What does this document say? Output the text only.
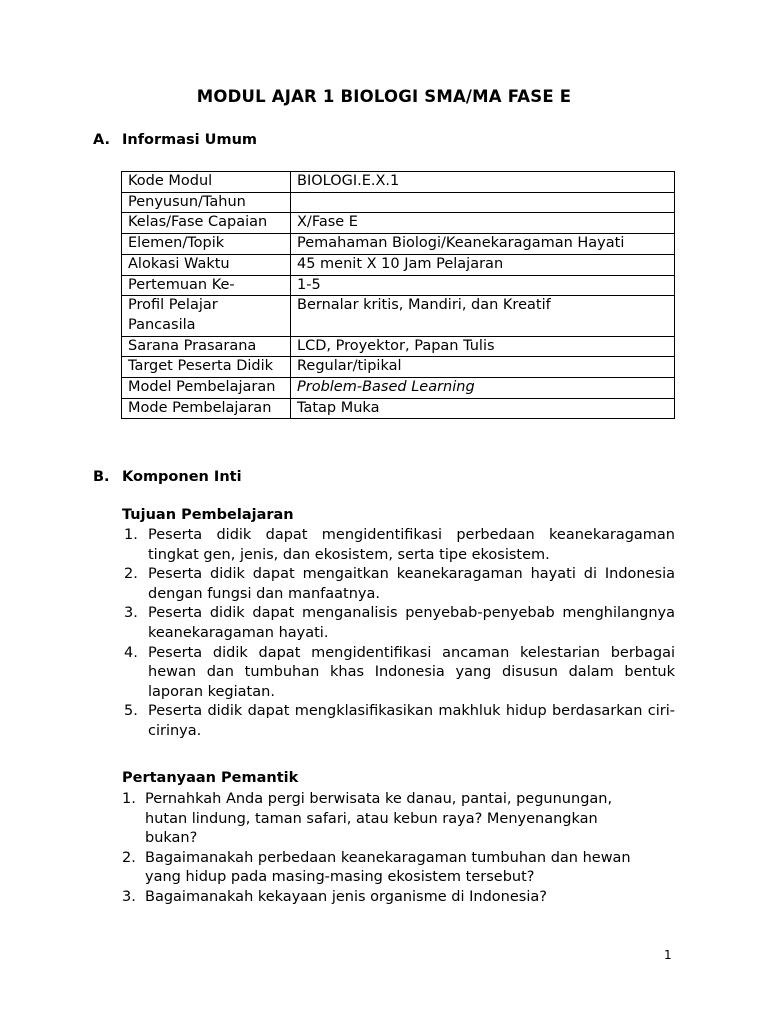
MODUL AJAR 1 BIOLOGI SMA/MA FASE E
A. Informasi Umum
Kode Modul	BIOLOGI.E.X.1
Penyusun/Tahun	
Kelas/Fase Capaian	X/Fase E
Elemen/Topik	Pemahaman Biologi/Keanekaragaman Hayati
Alokasi Waktu	45 menit X 10 Jam Pelajaran
Pertemuan Ke-	1-5
Profil Pelajar Pancasila	Bernalar kritis, Mandiri, dan Kreatif
Sarana Prasarana	LCD, Proyektor, Papan Tulis
Target Peserta Didik	Regular/tipikal
Model Pembelajaran	Problem-Based Learning
Mode Pembelajaran	Tatap Muka
B. Komponen Inti
Tujuan Pembelajaran
1. Peserta didik dapat mengidentifikasi perbedaan keanekaragaman tingkat gen, jenis, dan ekosistem, serta tipe ekosistem.
2. Peserta didik dapat mengaitkan keanekaragaman hayati di Indonesia dengan fungsi dan manfaatnya.
3. Peserta didik dapat menganalisis penyebab-penyebab menghilangnya keanekaragaman hayati.
4. Peserta didik dapat mengidentifikasi ancaman kelestarian berbagai hewan dan tumbuhan khas Indonesia yang disusun dalam bentuk laporan kegiatan.
5. Peserta didik dapat mengklasifikasikan makhluk hidup berdasarkan ciri-cirinya.
Pertanyaan Pemantik
1. Pernahkah Anda pergi berwisata ke danau, pantai, pegunungan, hutan lindung, taman safari, atau kebun raya? Menyenangkan bukan?
2. Bagaimanakah perbedaan keanekaragaman tumbuhan dan hewan yang hidup pada masing-masing ekosistem tersebut?
3. Bagaimanakah kekayaan jenis organisme di Indonesia?
1
